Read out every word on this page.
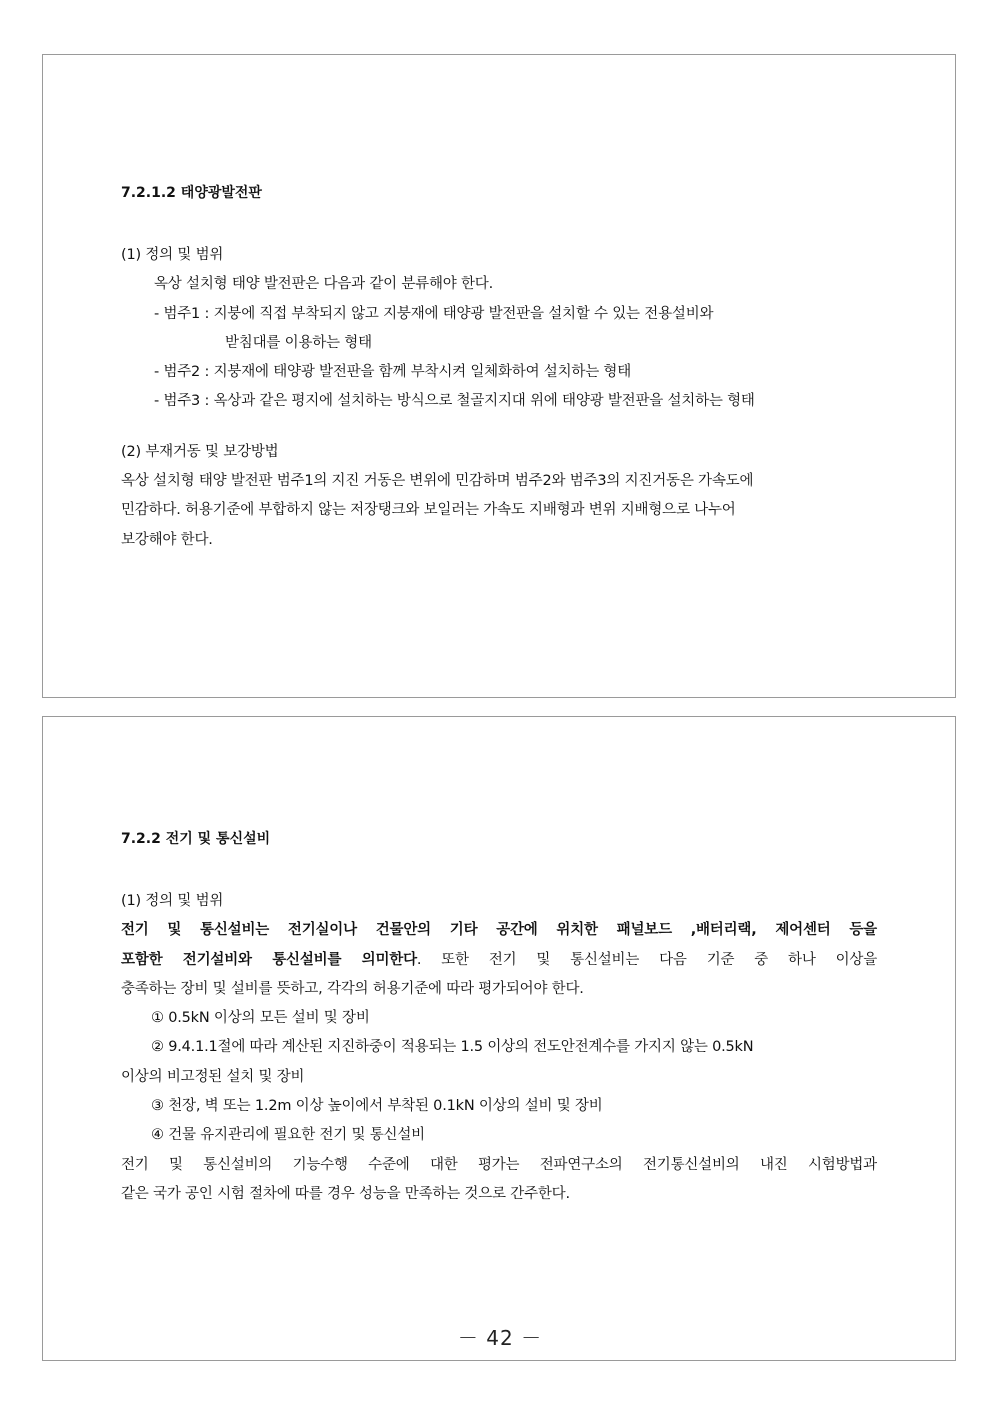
7.2.1.2 태양광발전판

(1) 정의 및 범위

옥상 설치형 태양 발전판은 다음과 같이 분류해야 한다.

- 범주1 : 지붕에 직접 부착되지 않고 지붕재에 태양광 발전판을 설치할 수 있는 전용설비와

받침대를 이용하는 형태

- 범주2 : 지붕재에 태양광 발전판을 함께 부착시켜 일체화하여 설치하는 형태

- 범주3 : 옥상과 같은 평지에 설치하는 방식으로 철골지지대 위에 태양광 발전판을 설치하는 형태

(2) 부재거동 및 보강방법

옥상 설치형 태양 발전판 범주1의 지진 거동은 변위에 민감하며 범주2와 범주3의 지진거동은 가속도에

민감하다. 허용기준에 부합하지 않는 저장탱크와 보일러는 가속도 지배형과 변위 지배형으로 나누어

보강해야 한다.

7.2.2 전기 및 통신설비

(1) 정의 및 범위

전기 및 통신설비는 전기실이나 건물안의 기타 공간에 위치한 패널보드 ,배터리랙, 제어센터 등을

포함한 전기설비와 통신설비를 의미한다. 또한 전기 및 통신설비는 다음 기준 중 하나 이상을

충족하는 장비 및 설비를 뜻하고, 각각의 허용기준에 따라 평가되어야 한다.

① 0.5kN 이상의 모든 설비 및 장비

② 9.4.1.1절에 따라 계산된 지진하중이 적용되는 1.5 이상의 전도안전계수를 가지지 않는 0.5kN

이상의 비고정된 설치 및 장비

③ 천장, 벽 또는 1.2m 이상 높이에서 부착된 0.1kN 이상의 설비 및 장비

④ 건물 유지관리에 필요한 전기 및 통신설비

전기 및 통신설비의 기능수행 수준에 대한 평가는 전파연구소의 전기통신설비의 내진 시험방법과

같은 국가 공인 시험 절차에 따를 경우 성능을 만족하는 것으로 간주한다.

－ 42 －
